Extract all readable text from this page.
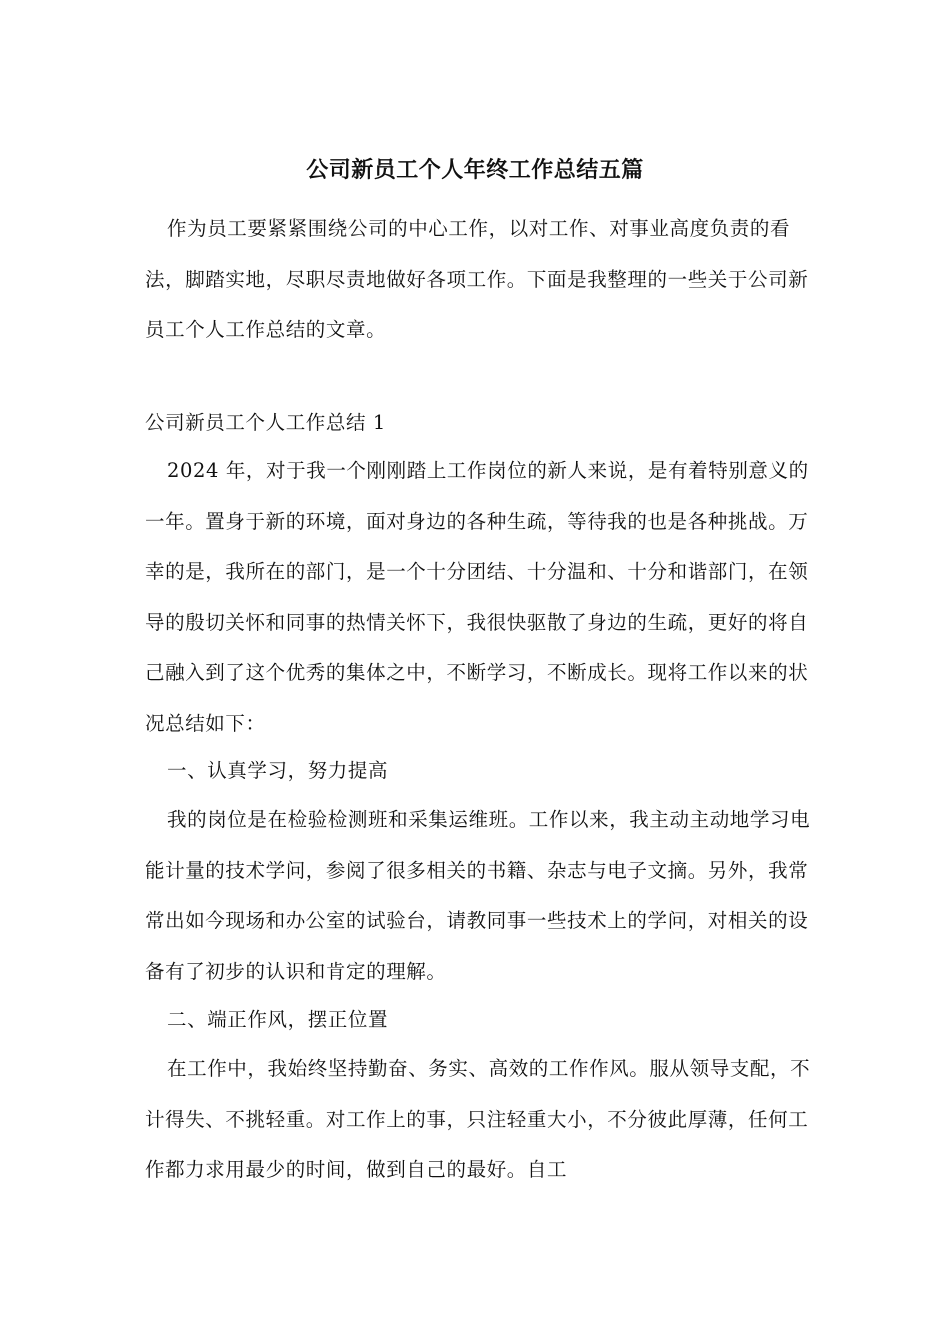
公司新员工个人年终工作总结五篇

作为员工要紧紧围绕公司的中心工作，以对工作、对事业高度负责的看法，脚踏实地，尽职尽责地做好各项工作。下面是我整理的一些关于公司新员工个人工作总结的文章。

公司新员工个人工作总结 1

2024 年，对于我一个刚刚踏上工作岗位的新人来说，是有着特别意义的一年。置身于新的环境，面对身边的各种生疏，等待我的也是各种挑战。万幸的是，我所在的部门，是一个十分团结、十分温和、十分和谐部门，在领导的殷切关怀和同事的热情关怀下，我很快驱散了身边的生疏，更好的将自己融入到了这个优秀的集体之中，不断学习，不断成长。现将工作以来的状况总结如下：

一、认真学习，努力提高

我的岗位是在检验检测班和采集运维班。工作以来，我主动主动地学习电能计量的技术学问，参阅了很多相关的书籍、杂志与电子文摘。另外，我常常出如今现场和办公室的试验台，请教同事一些技术上的学问，对相关的设备有了初步的认识和肯定的理解。

二、端正作风，摆正位置

在工作中，我始终坚持勤奋、务实、高效的工作作风。服从领导支配，不计得失、不挑轻重。对工作上的事，只注轻重大小，不分彼此厚薄，任何工作都力求用最少的时间，做到自己的最好。自工
